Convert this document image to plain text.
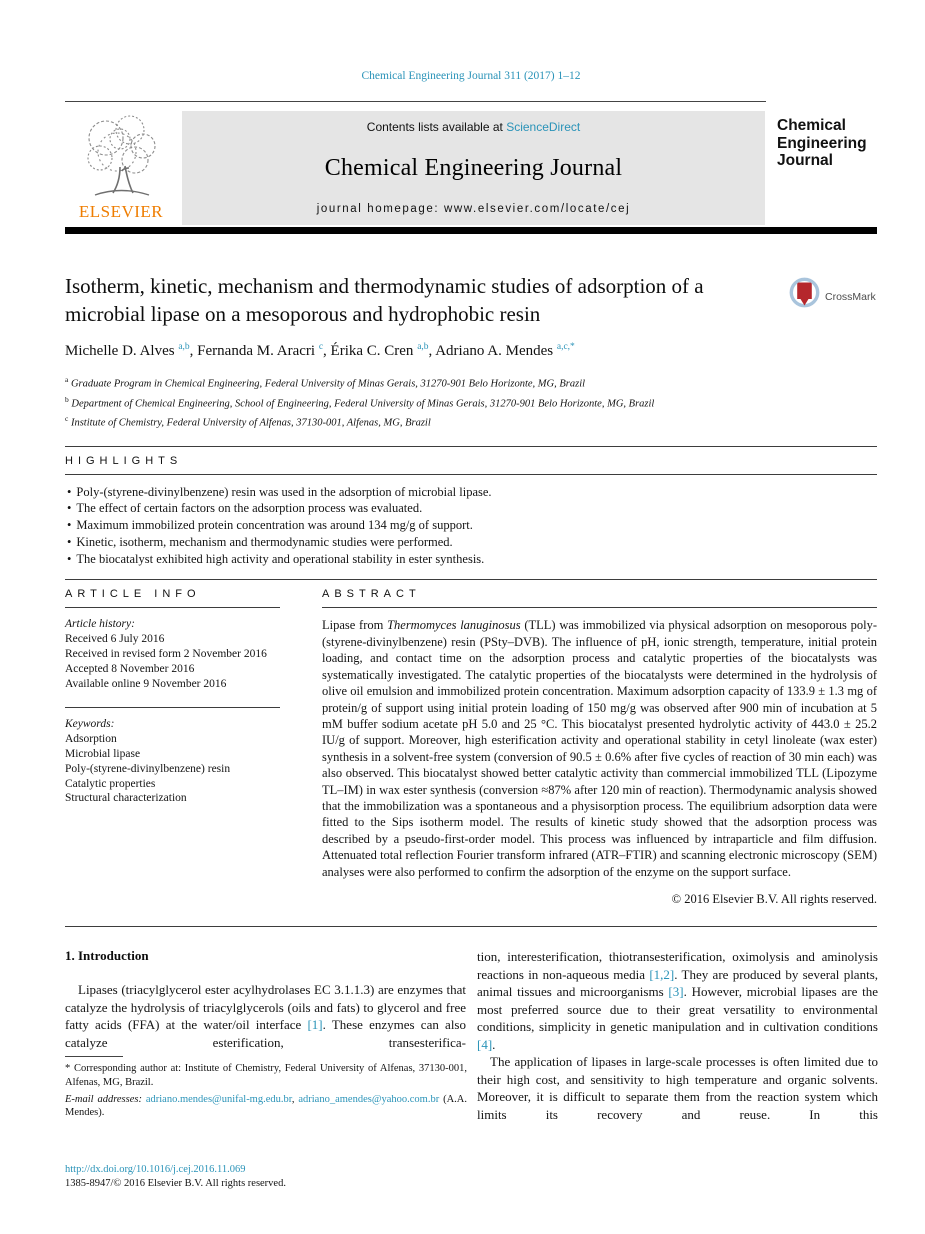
Chemical Engineering Journal 311 (2017) 1–12
ELSEVIER
Contents lists available at ScienceDirect
Chemical Engineering Journal
journal homepage: www.elsevier.com/locate/cej
Chemical
Engineering
Journal
CrossMark
Isotherm, kinetic, mechanism and thermodynamic studies of adsorption of a microbial lipase on a mesoporous and hydrophobic resin
Michelle D. Alves $^{a,b}$, Fernanda M. Aracri $^c$, Érika C. Cren $^{a,b}$, Adriano A. Mendes $^{a,c,*}$
$^a$ Graduate Program in Chemical Engineering, Federal University of Minas Gerais, 31270-901 Belo Horizonte, MG, Brazil
$^b$ Department of Chemical Engineering, School of Engineering, Federal University of Minas Gerais, 31270-901 Belo Horizonte, MG, Brazil
$^c$ Institute of Chemistry, Federal University of Alfenas, 37130-001, Alfenas, MG, Brazil
HIGHLIGHTS
• Poly-(styrene-divinylbenzene) resin was used in the adsorption of microbial lipase.
• The effect of certain factors on the adsorption process was evaluated.
• Maximum immobilized protein concentration was around 134 mg/g of support.
• Kinetic, isotherm, mechanism and thermodynamic studies were performed.
• The biocatalyst exhibited high activity and operational stability in ester synthesis.
ARTICLE INFO
Article history:
Received 6 July 2016
Received in revised form 2 November 2016
Accepted 8 November 2016
Available online 9 November 2016
Keywords:
Adsorption
Microbial lipase
Poly-(styrene-divinylbenzene) resin
Catalytic properties
Structural characterization
ABSTRACT

Lipase from Thermomyces lanuginosus (TLL) was immobilized via physical adsorption on mesoporous poly-(styrene-divinylbenzene) resin (PSty–DVB). The influence of pH, ionic strength, temperature, initial protein loading, and contact time on the adsorption process and catalytic properties of the biocatalysts was systematically investigated. The catalytic properties of the biocatalysts were determined in the hydrolysis of olive oil emulsion and immobilized protein concentration. Maximum adsorption capacity of 133.9 ± 1.3 mg of protein/g of support using initial protein loading of 150 mg/g was observed after 900 min of incubation at 5 mM buffer sodium acetate pH 5.0 and 25 °C. This biocatalyst presented hydrolytic activity of 443.0 ± 25.2 IU/g of support. Moreover, high esterification activity and operational stability in cetyl linoleate (wax ester) synthesis in a solvent-free system (conversion of 90.5 ± 0.6% after five cycles of reaction of 30 min each) was also observed. This biocatalyst showed better catalytic activity than commercial immobilized TLL (Lipozyme TL–IM) in wax ester synthesis (conversion ≈87% after 120 min of reaction). Thermodynamic analysis showed that the immobilization was a spontaneous and a physisorption process. The equilibrium adsorption data were fitted to the Sips isotherm model. The results of kinetic study showed that the adsorption process was described by a pseudo-first-order model. This process was influenced by intraparticle and film diffusion. Attenuated total reflection Fourier transform infrared (ATR–FTIR) and scanning electronic microscopy (SEM) analyses were also performed to confirm the adsorption of the enzyme on the support surface.

© 2016 Elsevier B.V. All rights reserved.
1. Introduction

Lipases (triacylglycerol ester acylhydrolases EC 3.1.1.3) are enzymes that catalyze the hydrolysis of triacylglycerols (oils and fats) to glycerol and free fatty acids (FFA) at the water/oil interface [1]. These enzymes can also catalyze esterification, transesterifica-

tion, interesterification, thiotransesterification, oximolysis and aminolysis reactions in non-aqueous media [1,2]. They are produced by several plants, animal tissues and microorganisms [3]. However, microbial lipases are the most preferred source due to their great versatility to environmental conditions, simplicity in genetic manipulation and in cultivation conditions [4].

The application of lipases in large-scale processes is often limited due to their high cost, and sensitivity to high temperature and organic solvents. Moreover, it is difficult to separate them from the reaction system which limits its recovery and reuse. In this

* Corresponding author at: Institute of Chemistry, Federal University of Alfenas, 37130-001, Alfenas, MG, Brazil.

E-mail addresses: adriano.mendes@unifal-mg.edu.br, adriano_amendes@yahoo.com.br (A.A. Mendes).

http://dx.doi.org/10.1016/j.cej.2016.11.069
1385-8947/© 2016 Elsevier B.V. All rights reserved.
